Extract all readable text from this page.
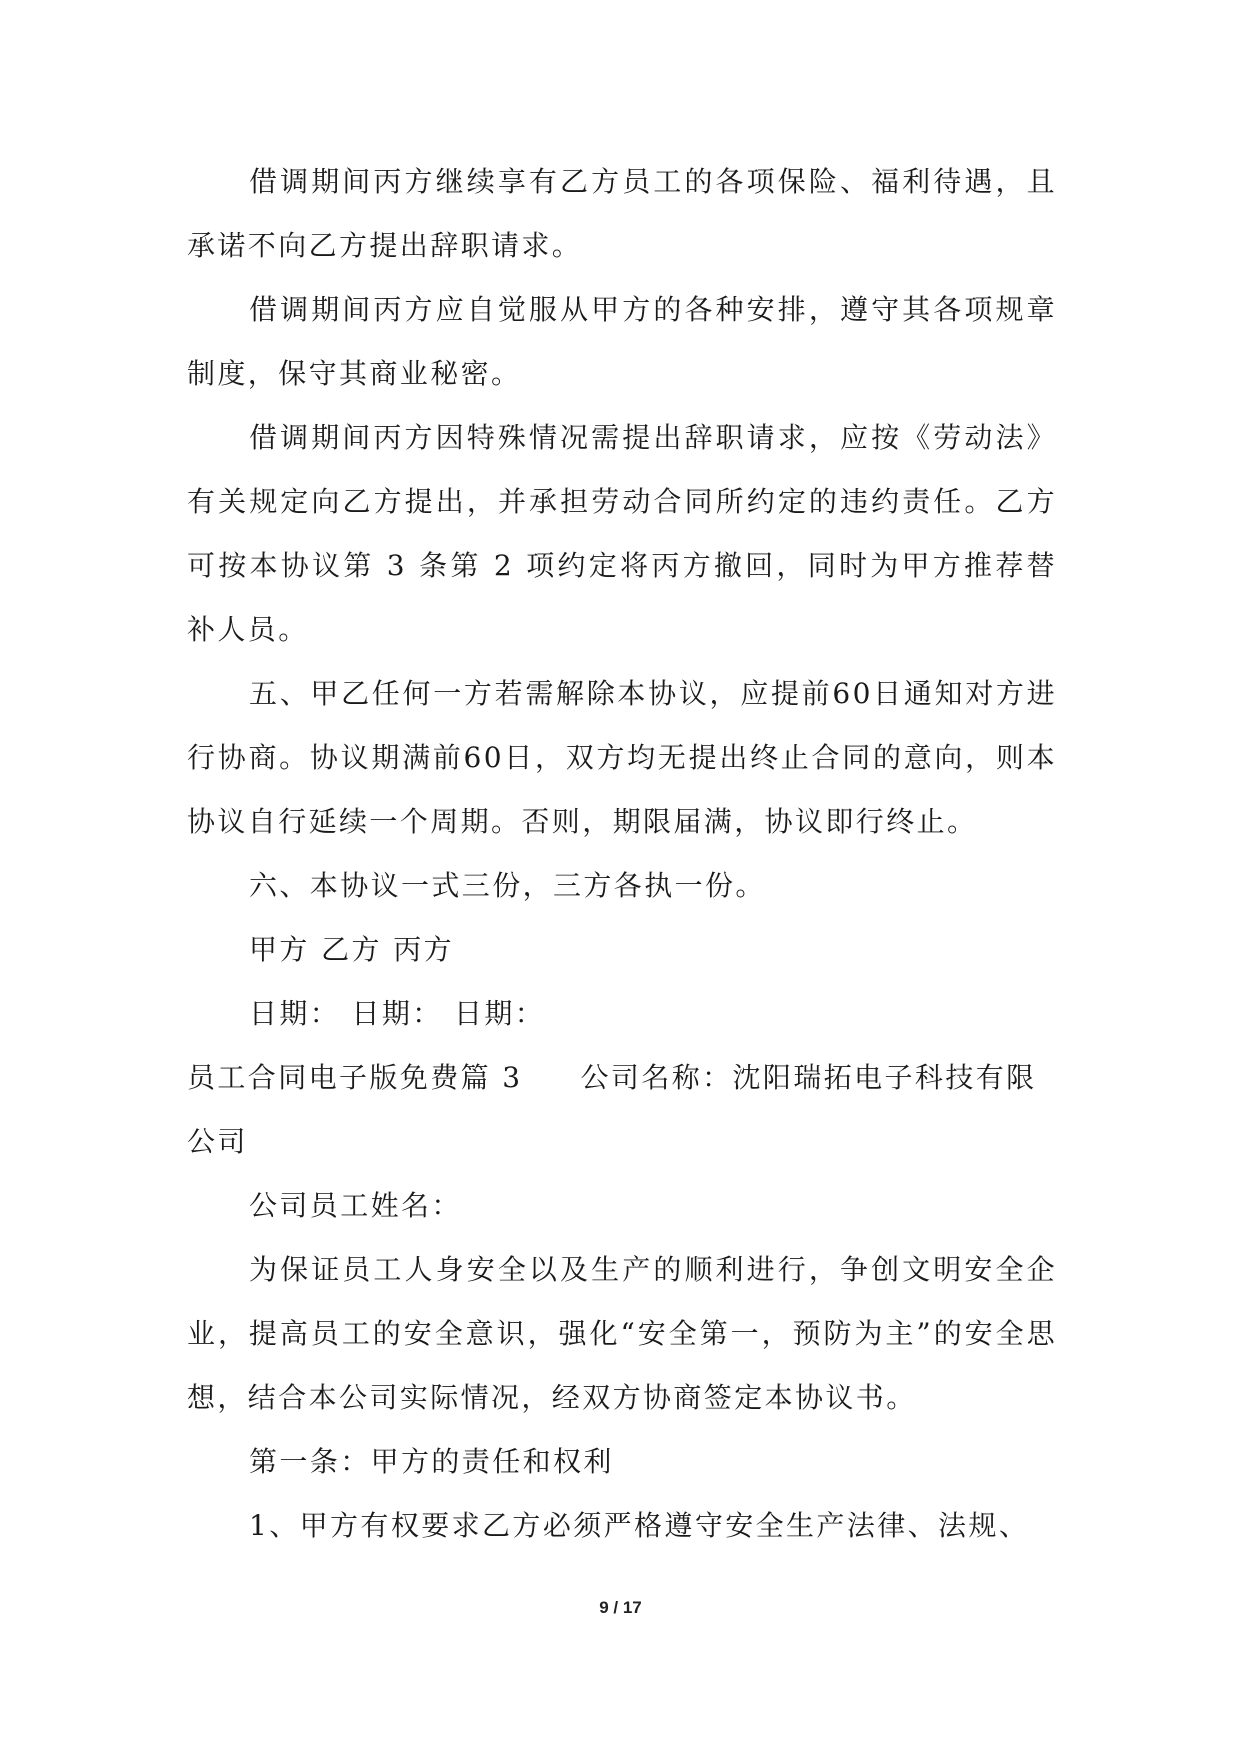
借调期间丙方继续享有乙方员工的各项保险、福利待遇，且承诺不向乙方提出辞职请求。

借调期间丙方应自觉服从甲方的各种安排，遵守其各项规章制度，保守其商业秘密。

借调期间丙方因特殊情况需提出辞职请求，应按《劳动法》有关规定向乙方提出，并承担劳动合同所约定的违约责任。乙方可按本协议第 3 条第 2 项约定将丙方撤回，同时为甲方推荐替补人员。

五、甲乙任何一方若需解除本协议，应提前60日通知对方进行协商。协议期满前60日，双方均无提出终止合同的意向，则本协议自行延续一个周期。否则，期限届满，协议即行终止。

六、本协议一式三份，三方各执一份。

甲方 乙方 丙方

日期： 日期： 日期：

员工合同电子版免费篇 3 公司名称：沈阳瑞拓电子科技有限公司

公司员工姓名：

为保证员工人身安全以及生产的顺利进行，争创文明安全企业，提高员工的安全意识，强化“安全第一，预防为主”的安全思想，结合本公司实际情况，经双方协商签定本协议书。

第一条：甲方的责任和权利

1、甲方有权要求乙方必须严格遵守安全生产法律、法规、

9 / 17
